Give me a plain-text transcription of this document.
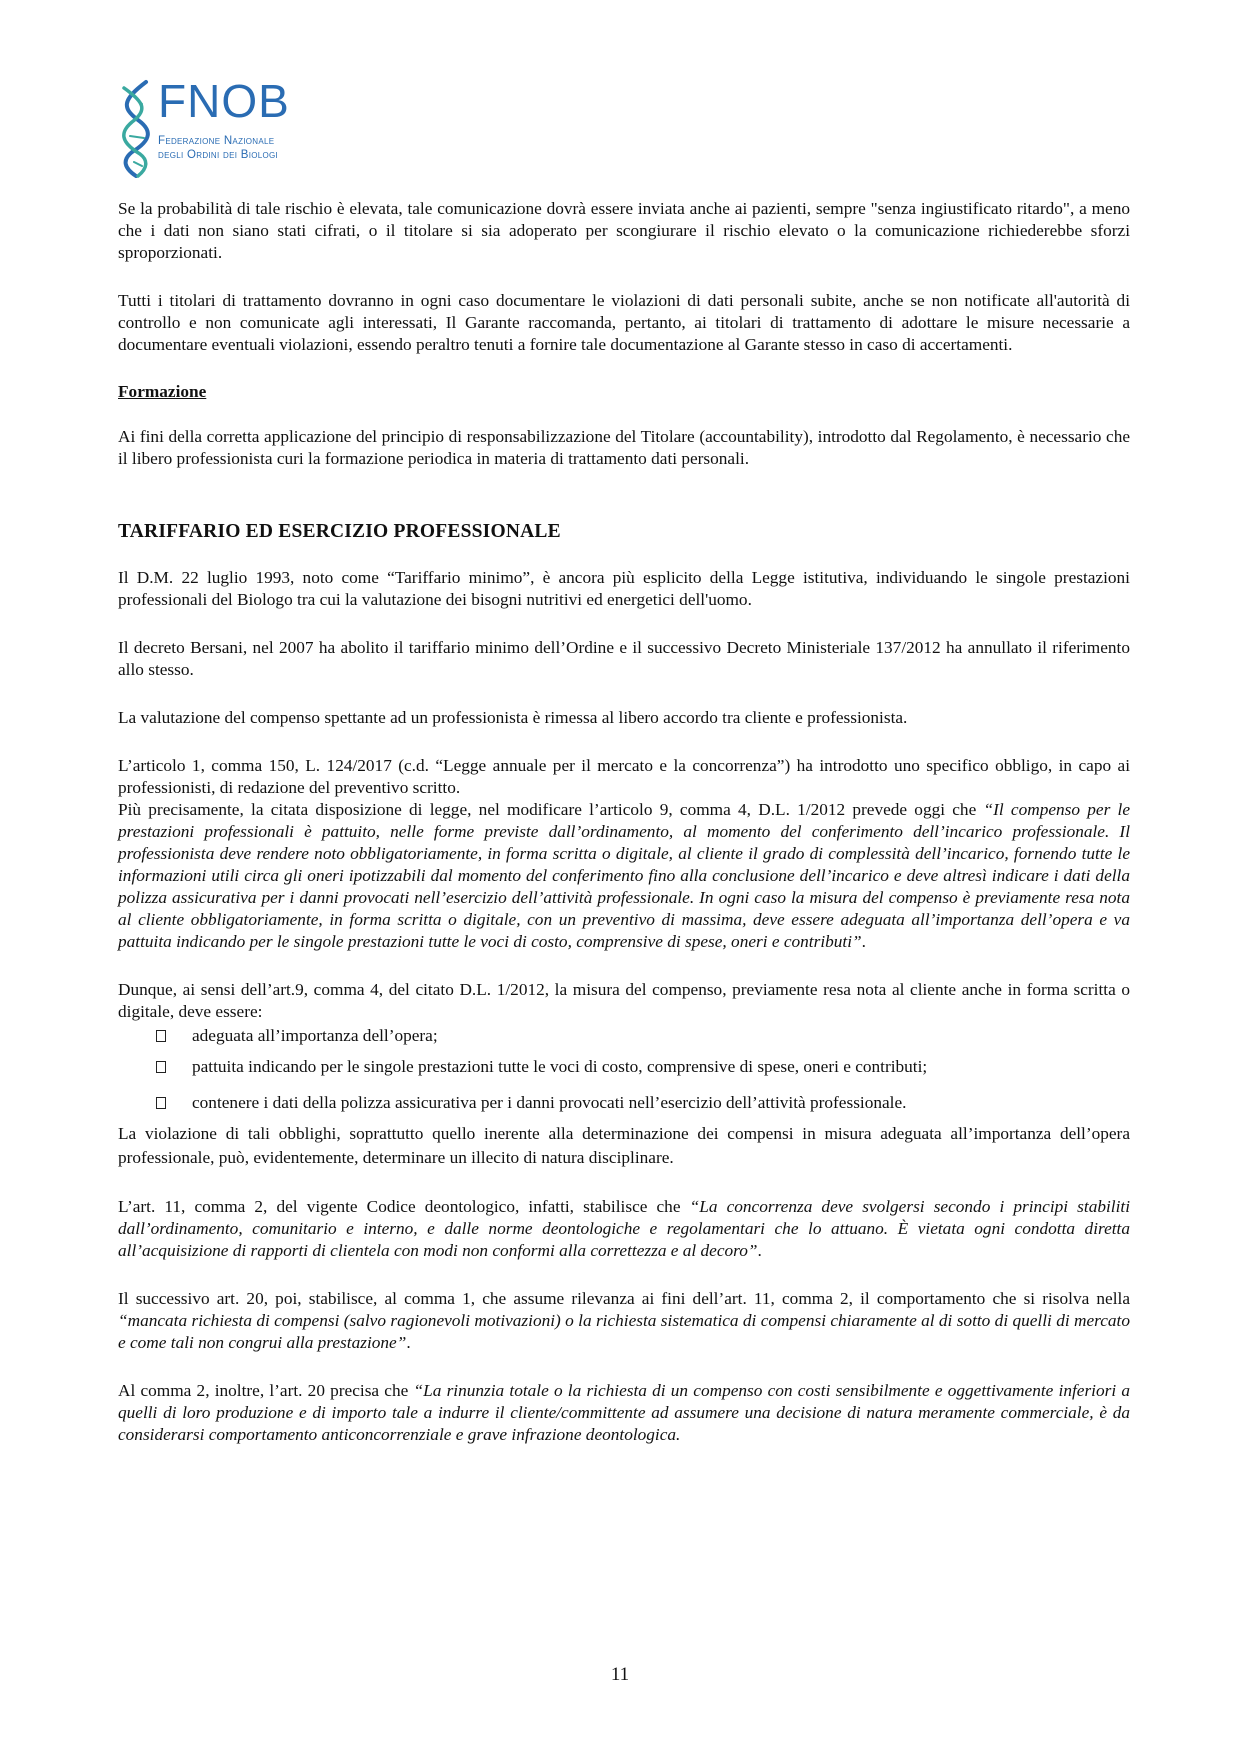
FNOB
Federazione Nazionale
degli Ordini dei Biologi

Se la probabilità di tale rischio è elevata, tale comunicazione dovrà essere inviata anche ai pazienti, sempre "senza ingiustificato ritardo", a meno che i dati non siano stati cifrati, o il titolare si sia adoperato per scongiurare il rischio elevato o la comunicazione richiederebbe sforzi sproporzionati.

Tutti i titolari di trattamento dovranno in ogni caso documentare le violazioni di dati personali subite, anche se non notificate all'autorità di controllo e non comunicate agli interessati, Il Garante raccomanda, pertanto, ai titolari di trattamento di adottare le misure necessarie a documentare eventuali violazioni, essendo peraltro tenuti a fornire tale documentazione al Garante stesso in caso di accertamenti.

Formazione

Ai fini della corretta applicazione del principio di responsabilizzazione del Titolare (accountability), introdotto dal Regolamento, è necessario che il libero professionista curi la formazione periodica in materia di trattamento dati personali.

TARIFFARIO ED ESERCIZIO PROFESSIONALE

Il D.M. 22 luglio 1993, noto come “Tariffario minimo”, è ancora più esplicito della Legge istitutiva, individuando le singole prestazioni professionali del Biologo tra cui la valutazione dei bisogni nutritivi ed energetici dell'uomo.

Il decreto Bersani, nel 2007 ha abolito il tariffario minimo dell’Ordine e il successivo Decreto Ministeriale 137/2012 ha annullato il riferimento allo stesso.

La valutazione del compenso spettante ad un professionista è rimessa al libero accordo tra cliente e professionista.

L’articolo 1, comma 150, L. 124/2017 (c.d. “Legge annuale per il mercato e la concorrenza”) ha introdotto uno specifico obbligo, in capo ai professionisti, di redazione del preventivo scritto.

Più precisamente, la citata disposizione di legge, nel modificare l’articolo 9, comma 4, D.L. 1/2012 prevede oggi che “Il compenso per le prestazioni professionali è pattuito, nelle forme previste dall’ordinamento, al momento del conferimento dell’incarico professionale. Il professionista deve rendere noto obbligatoriamente, in forma scritta o digitale, al cliente il grado di complessità dell’incarico, fornendo tutte le informazioni utili circa gli oneri ipotizzabili dal momento del conferimento fino alla conclusione dell’incarico e deve altresì indicare i dati della polizza assicurativa per i danni provocati nell’esercizio dell’attività professionale. In ogni caso la misura del compenso è previamente resa nota al cliente obbligatoriamente, in forma scritta o digitale, con un preventivo di massima, deve essere adeguata all’importanza dell’opera e va pattuita indicando per le singole prestazioni tutte le voci di costo, comprensive di spese, oneri e contributi”.

Dunque, ai sensi dell’art.9, comma 4, del citato D.L. 1/2012, la misura del compenso, previamente resa nota al cliente anche in forma scritta o digitale, deve essere:

adeguata all’importanza dell’opera;
pattuita indicando per le singole prestazioni tutte le voci di costo, comprensive di spese, oneri e contributi;
contenere i dati della polizza assicurativa per i danni provocati nell’esercizio dell’attività professionale.

La violazione di tali obblighi, soprattutto quello inerente alla determinazione dei compensi in misura adeguata all’importanza dell’opera professionale, può, evidentemente, determinare un illecito di natura disciplinare.

L’art. 11, comma 2, del vigente Codice deontologico, infatti, stabilisce che “La concorrenza deve svolgersi secondo i principi stabiliti dall’ordinamento, comunitario e interno, e dalle norme deontologiche e regolamentari che lo attuano. È vietata ogni condotta diretta all’acquisizione di rapporti di clientela con modi non conformi alla correttezza e al decoro”.

Il successivo art. 20, poi, stabilisce, al comma 1, che assume rilevanza ai fini dell’art. 11, comma 2, il comportamento che si risolva nella “mancata richiesta di compensi (salvo ragionevoli motivazioni) o la richiesta sistematica di compensi chiaramente al di sotto di quelli di mercato e come tali non congrui alla prestazione”.

Al comma 2, inoltre, l’art. 20 precisa che “La rinunzia totale o la richiesta di un compenso con costi sensibilmente e oggettivamente inferiori a quelli di loro produzione e di importo tale a indurre il cliente/committente ad assumere una decisione di natura meramente commerciale, è da considerarsi comportamento anticoncorrenziale e grave infrazione deontologica.

11
